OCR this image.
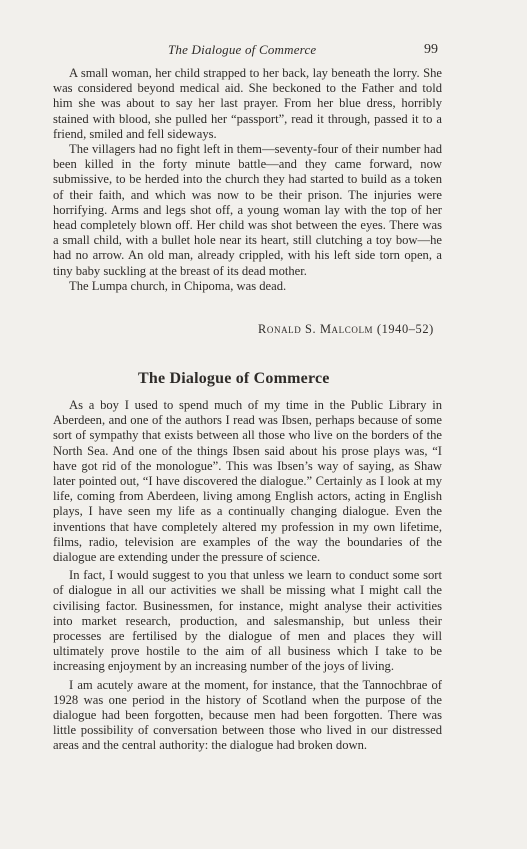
The Dialogue of Commerce	99

A small woman, her child strapped to her back, lay beneath the lorry. She was considered beyond medical aid. She beckoned to the Father and told him she was about to say her last prayer. From her blue dress, horribly stained with blood, she pulled her “passport”, read it through, passed it to a friend, smiled and fell sideways.

The villagers had no fight left in them—seventy-four of their number had been killed in the forty minute battle—and they came forward, now submissive, to be herded into the church they had started to build as a token of their faith, and which was now to be their prison. The injuries were horrifying. Arms and legs shot off, a young woman lay with the top of her head completely blown off. Her child was shot between the eyes. There was a small child, with a bullet hole near its heart, still clutching a toy bow—he had no arrow. An old man, already crippled, with his left side torn open, a tiny baby suckling at the breast of its dead mother.

The Lumpa church, in Chipoma, was dead.

Ronald S. Malcolm (1940–52)
The Dialogue of Commerce

As a boy I used to spend much of my time in the Public Library in Aberdeen, and one of the authors I read was Ibsen, perhaps because of some sort of sympathy that exists between all those who live on the borders of the North Sea. And one of the things Ibsen said about his prose plays was, “I have got rid of the monologue”. This was Ibsen’s way of saying, as Shaw later pointed out, “I have discovered the dialogue.” Certainly as I look at my life, coming from Aberdeen, living among English actors, acting in English plays, I have seen my life as a continually changing dialogue. Even the inventions that have completely altered my profession in my own lifetime, films, radio, television are examples of the way the boundaries of the dialogue are extending under the pressure of science.

In fact, I would suggest to you that unless we learn to conduct some sort of dialogue in all our activities we shall be missing what I might call the civilising factor. Businessmen, for instance, might analyse their activities into market research, production, and salesmanship, but unless their processes are fertilised by the dialogue of men and places they will ultimately prove hostile to the aim of all business which I take to be increasing enjoyment by an increasing number of the joys of living.

I am acutely aware at the moment, for instance, that the Tannochbrae of 1928 was one period in the history of Scotland when the purpose of the dialogue had been forgotten, because men had been forgotten. There was little possibility of conversation between those who lived in our distressed areas and the central authority: the dialogue had broken down.
